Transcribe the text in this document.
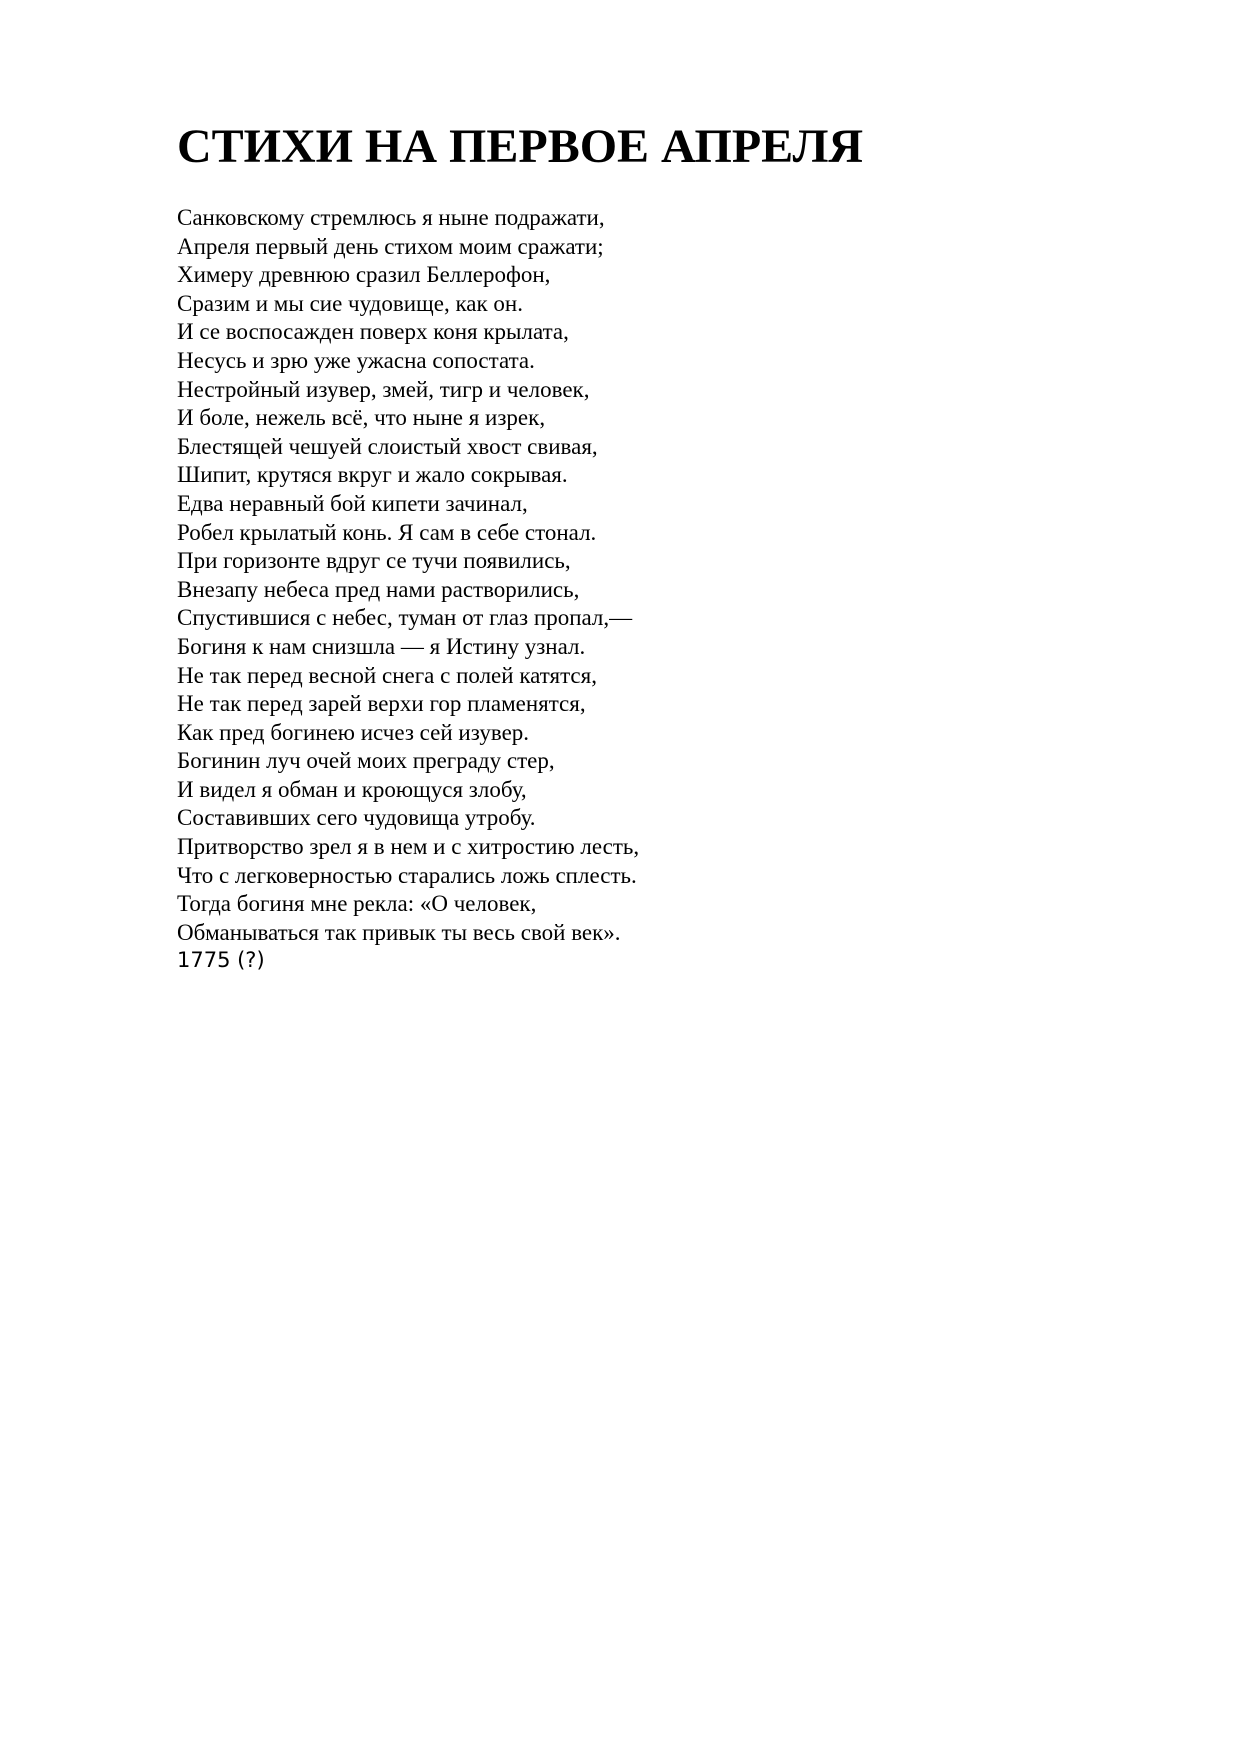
СТИХИ НА ПЕРВОЕ АПРЕЛЯ
Санковскому стремлюсь я ныне подражати,
Апреля первый день стихом моим сражати;
Химеру древнюю сразил Беллерофон,
Сразим и мы сие чудовище, как он.
И се воспосажден поверх коня крылата,
Несусь и зрю уже ужасна сопостата.
Нестройный изувер, змей, тигр и человек,
И боле, нежель всё, что ныне я изрек,
Блестящей чешуей слоистый хвост свивая,
Шипит, крутяся вкруг и жало сокрывая.
Едва неравный бой кипети зачинал,
Робел крылатый конь. Я сам в себе стонал.
При горизонте вдруг се тучи появились,
Внезапу небеса пред нами растворились,
Спустившися с небес, туман от глаз пропал,—
Богиня к нам снизшла — я Истину узнал.
Не так перед весной снега с полей катятся,
Не так перед зарей верхи гор пламенятся,
Как пред богинею исчез сей изувер.
Богинин луч очей моих преграду стер,
И видел я обман и кроющуся злобу,
Составивших сего чудовища утробу.
Притворство зрел я в нем и с хитростию лесть,
Что с легковерностью старались ложь сплесть.
Тогда богиня мне рекла: «О человек,
Обманываться так привык ты весь свой век».

1775 (?)
